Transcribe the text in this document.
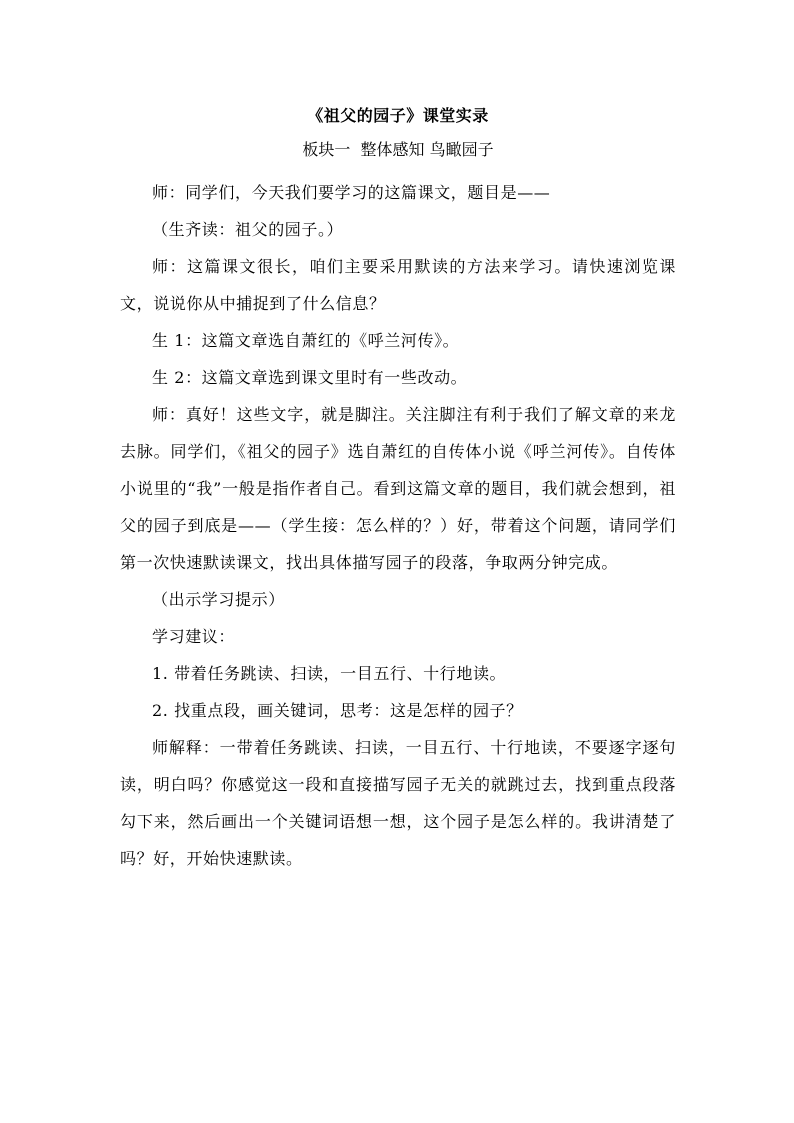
《祖父的园子》课堂实录
板块一  整体感知 鸟瞰园子

师：同学们，今天我们要学习的这篇课文，题目是——

（生齐读：祖父的园子。）

师：这篇课文很长，咱们主要采用默读的方法来学习。请快速浏览课文，说说你从中捕捉到了什么信息？

生 1：这篇文章选自萧红的《呼兰河传》。

生 2：这篇文章选到课文里时有一些改动。

师：真好！这些文字，就是脚注。关注脚注有利于我们了解文章的来龙去脉。同学们，《祖父的园子》选自萧红的自传体小说《呼兰河传》。自传体小说里的“我”一般是指作者自己。看到这篇文章的题目，我们就会想到，祖父的园子到底是——（学生接：怎么样的？）好，带着这个问题，请同学们第一次快速默读课文，找出具体描写园子的段落，争取两分钟完成。

（出示学习提示）

学习建议：

1. 带着任务跳读、扫读，一目五行、十行地读。

2. 找重点段，画关键词，思考：这是怎样的园子？

师解释：一带着任务跳读、扫读，一目五行、十行地读，不要逐字逐句读，明白吗？你感觉这一段和直接描写园子无关的就跳过去，找到重点段落勾下来，然后画出一个关键词语想一想，这个园子是怎么样的。我讲清楚了吗？好，开始快速默读。
